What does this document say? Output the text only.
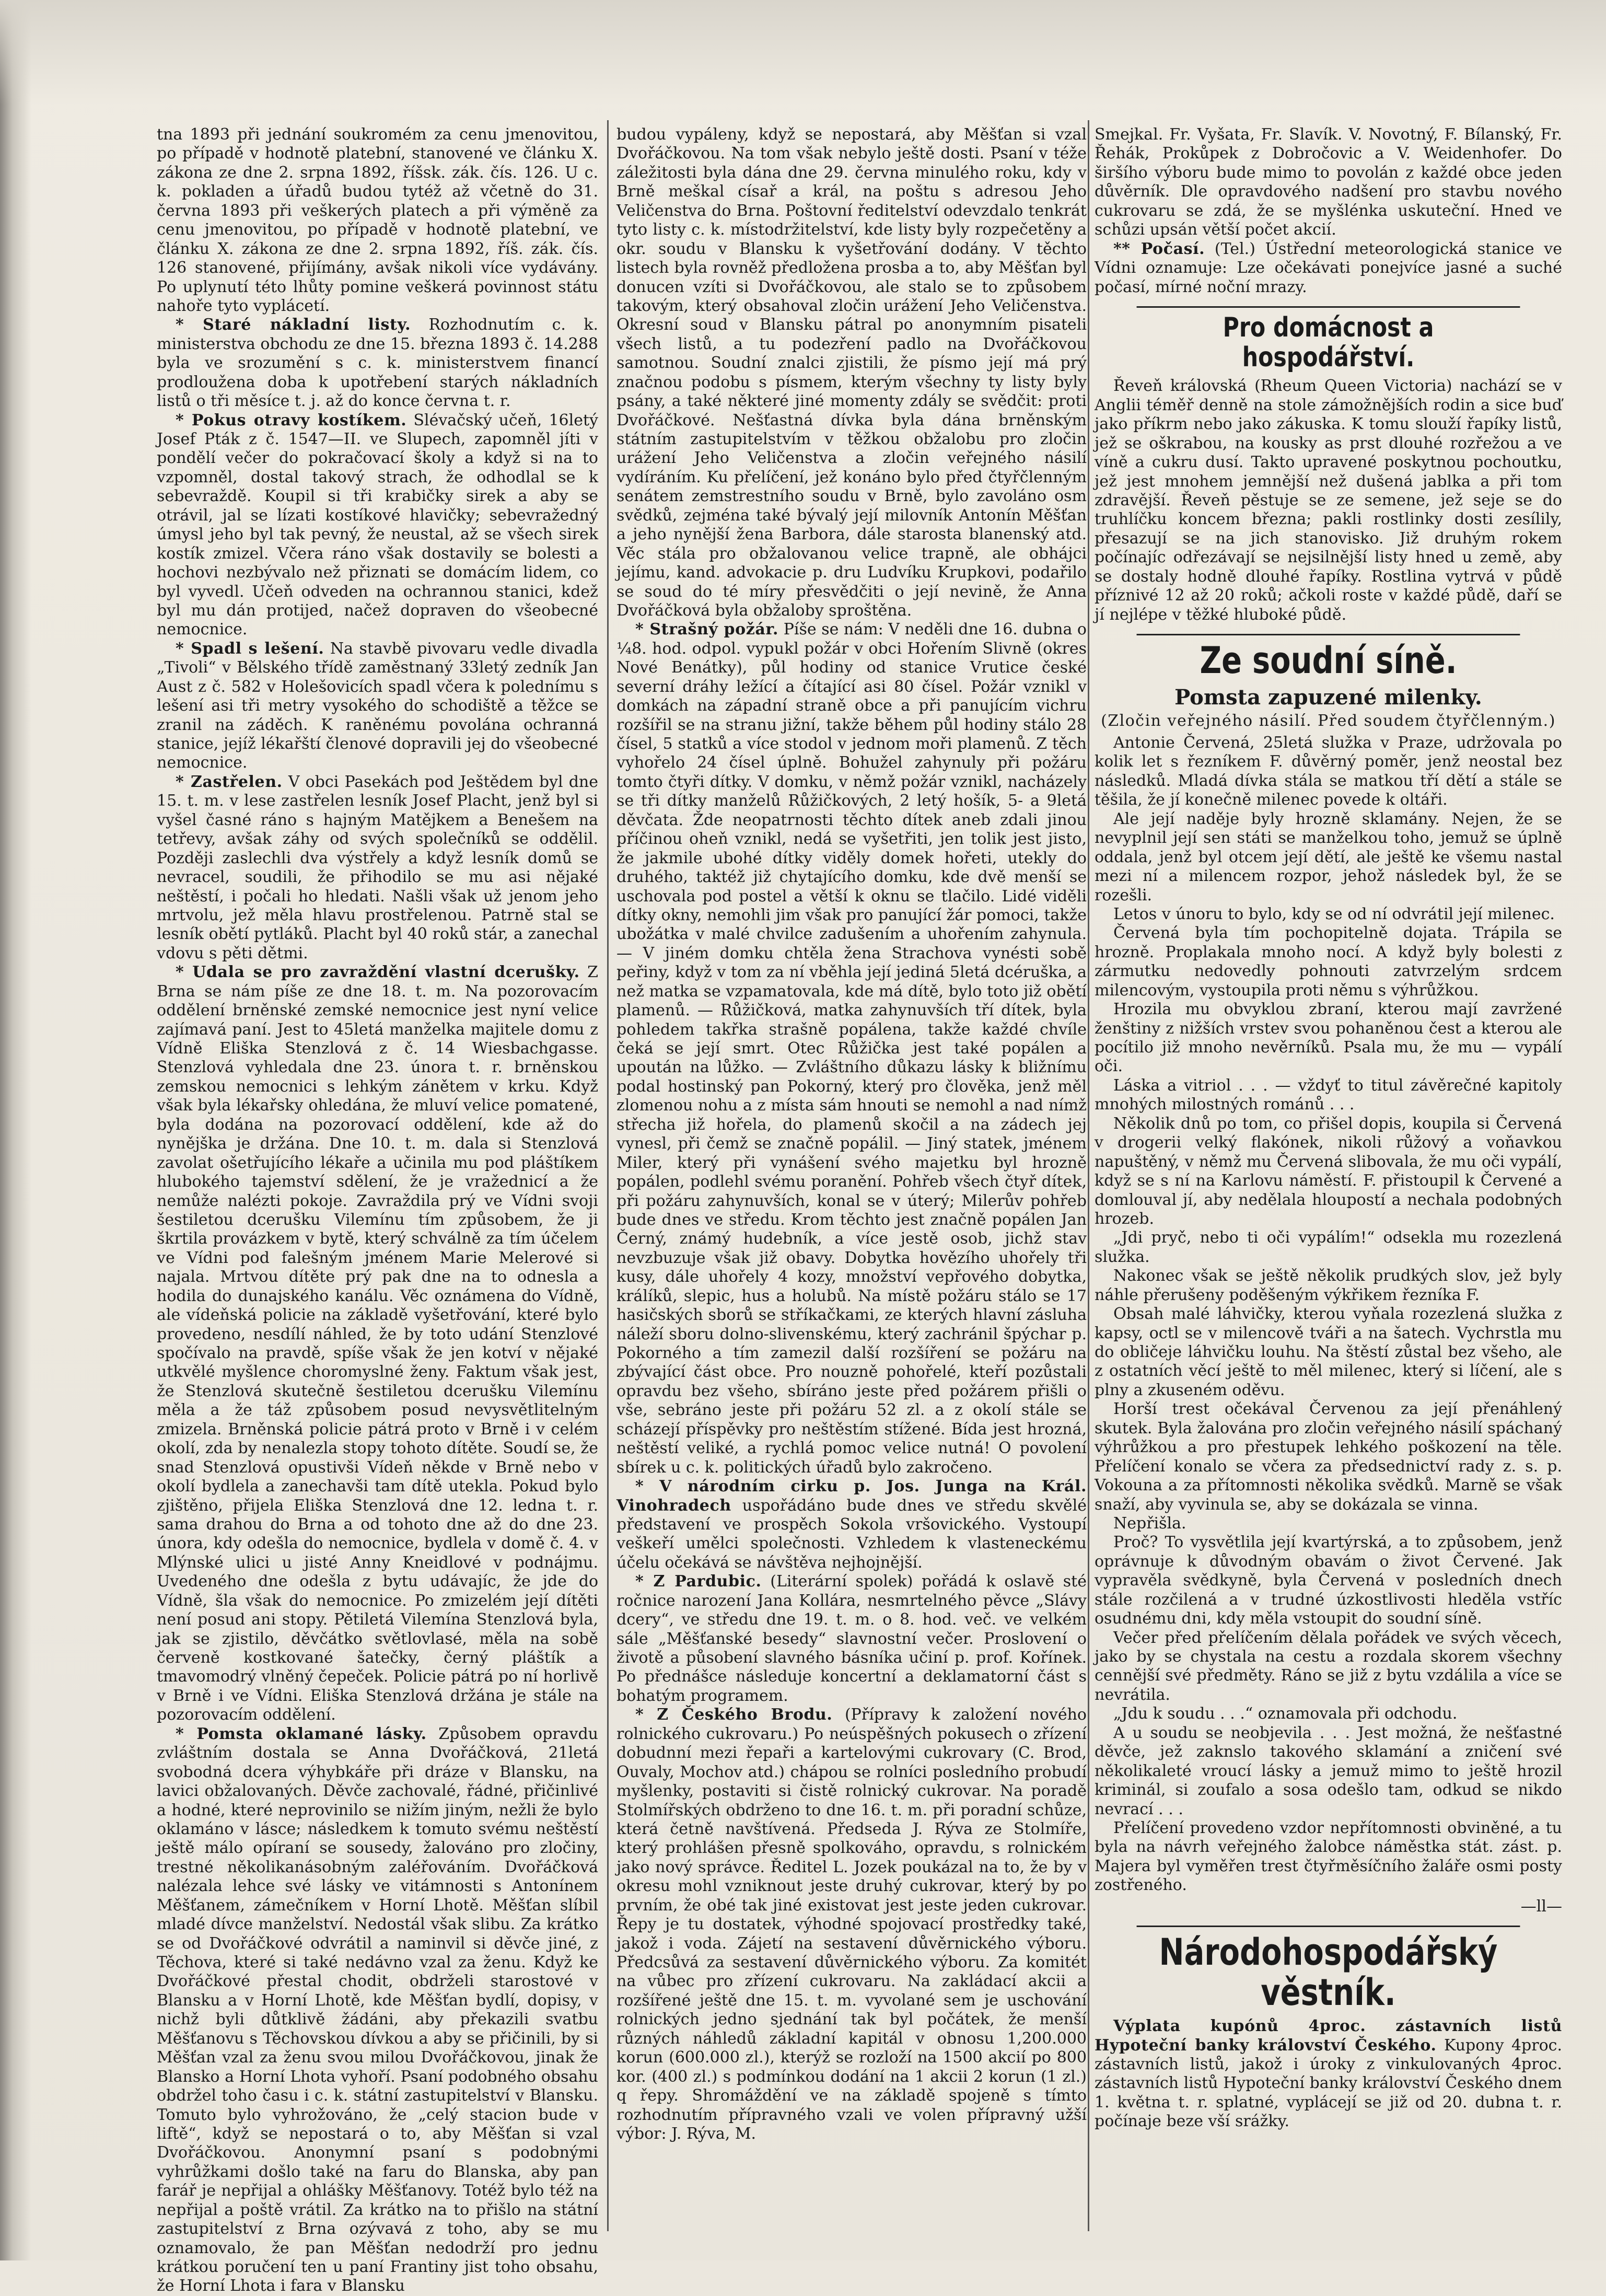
tna 1893 při jednání soukromém za cenu jmenovitou, po případě v hodnotě platební, stanovené ve článku X. zákona ze dne 2. srpna 1892, říšsk. zák. čís. 126. U c. k. pokladen a úřadů budou tytéž až včetně do 31. června 1893 při veškerých platech a při výměně za cenu jmenovitou, po případě v hodnotě platební, ve článku X. zákona ze dne 2. srpna 1892, říš. zák. čís. 126 stanovené, přijímány, avšak nikoli více vydávány. Po uplynutí této lhůty pomine veškerá povinnost státu nahoře tyto vyplácetí.

* Staré nákladní listy. Rozhodnutím c. k. ministerstva obchodu ze dne 15. března 1893 č. 14.288 byla ve srozumění s c. k. ministerstvem financí prodloužena doba k upotřebení starých nákladních listů o tři měsíce t. j. až do konce června t. r.

* Pokus otravy kostíkem. Slévačský učeň, 16letý Josef Pták z č. 1547—II. ve Slupech, zapomněl jíti v pondělí večer do pokračovací školy a když si na to vzpomněl, dostal takový strach, že odhodlal se k sebevraždě. Koupil si tři krabičky sirek a aby se otrávil, jal se lízati kostíkové hlavičky; sebevražedný úmysl jeho byl tak pevný, že neustal, až se všech sirek kostík zmizel. Včera ráno však dostavily se bolesti a hochovi nezbývalo než přiznati se domácím lidem, co byl vyvedl. Učeň odveden na ochrannou stanici, kdež byl mu dán protijed, načež dopraven do všeobecné nemocnice.

* Spadl s lešení. Na stavbě pivovaru vedle divadla „Tivoli“ v Bělského třídě zaměstnaný 33letý zedník Jan Aust z č. 582 v Holešovicích spadl včera k polednímu s lešení asi tři metry vysokého do schodiště a těžce se zranil na záděch. K raněnému povolána ochranná stanice, jejíž lékařští členové dopravili jej do všeobecné nemocnice.

* Zastřelen. V obci Pasekách pod Ještědem byl dne 15. t. m. v lese zastřelen lesník Josef Placht, jenž byl si vyšel časné ráno s hajným Matějkem a Benešem na tetřevy, avšak záhy od svých společníků se oddělil. Později zaslechli dva výstřely a když lesník domů se nevracel, soudili, že přihodilo se mu asi nějaké neštěstí, i počali ho hledati. Našli však už jenom jeho mrtvolu, jež měla hlavu prostřelenou. Patrně stal se lesník obětí pytláků. Placht byl 40 roků stár, a zanechal vdovu s pěti dětmi.

* Udala se pro zavraždění vlastní dcerušky. Z Brna se nám píše ze dne 18. t. m. Na pozorovacím oddělení brněnské zemské nemocnice jest nyní velice zajímavá paní. Jest to 45letá manželka majitele domu z Vídně Eliška Stenzlová z č. 14 Wiesbachgasse. Stenzlová vyhledala dne 23. února t. r. brněnskou zemskou nemocnici s lehkým zánětem v krku. Když však byla lékařsky ohledána, že mluví velice pomatené, byla dodána na pozorovací oddělení, kde až do nynějška je držána. Dne 10. t. m. dala si Stenzlová zavolat ošetřujícího lékaře a učinila mu pod pláštíkem hlubokého tajemství sdělení, že je vražednicí a že nemůže nalézti pokoje. Zavraždila prý ve Vídni svoji šestiletou dcerušku Vilemínu tím způsobem, že ji škrtila provázkem v bytě, který schválně za tím účelem ve Vídni pod falešným jménem Marie Melerové si najala. Mrtvou dítěte prý pak dne na to odnesla a hodila do dunajského kanálu. Věc oznámena do Vídně, ale vídeňská policie na základě vyšetřování, které bylo provedeno, nesdílí náhled, že by toto udání Stenzlové spočívalo na pravdě, spíše však že jen kotví v nějaké utkvělé myšlence choromyslné ženy. Faktum však jest, že Stenzlová skutečně šestiletou dcerušku Vilemínu měla a že táž způsobem posud nevysvětlitelným zmizela. Brněnská policie pátrá proto v Brně i v celém okolí, zda by nenalezla stopy tohoto dítěte. Soudí se, že snad Stenzlová opustivši Vídeň někde v Brně nebo v okolí bydlela a zanechavši tam dítě utekla. Pokud bylo zjištěno, přijela Eliška Stenzlová dne 12. ledna t. r. sama drahou do Brna a od tohoto dne až do dne 23. února, kdy odešla do nemocnice, bydlela v domě č. 4. v Mlýnské ulici u jisté Anny Kneidlové v podnájmu. Uvedeného dne odešla z bytu udávajíc, že jde do Vídně, šla však do nemocnice. Po zmizelém její dítěti není posud ani stopy. Pětiletá Vilemína Stenzlová byla, jak se zjistilo, děvčátko světlovlasé, měla na sobě červeně kostkované šatečky, černý pláštík a tmavomodrý vlněný čepeček. Policie pátrá po ní horlivě v Brně i ve Vídni. Eliška Stenzlová držána je stále na pozorovacím oddělení.

* Pomsta oklamané lásky. Způsobem opravdu zvláštním dostala se Anna Dvořáčková, 21letá svobodná dcera výhybkáře při dráze v Blansku, na lavici obžalovaných. Děvče zachovalé, řádné, přičinlivé a hodné, které neprovinilo se nižím jiným, nežli že bylo oklamáno v lásce; následkem k tomuto svému neštěstí ještě málo opíraní se sousedy, žalováno pro zločiny, trestné několikanásobným zaléřováním. Dvořáčková nalézala lehce své lásky ve vitámnosti s Antonínem Měšťanem, zámečníkem v Horní Lhotě. Měšťan slíbil mladé dívce manželství. Nedostál však slibu. Za krátko se od Dvořáčkové odvrátil a naminvil si děvče jiné, z Těchova, které si také nedávno vzal za ženu. Když ke Dvořáčkové přestal chodit, obdrželi starostové v Blansku a v Horní Lhotě, kde Měšťan bydlí, dopisy, v nichž byli důtklivě žádáni, aby překazili svatbu Měšťanovu s Těchovskou dívkou a aby se přičinili, by si Měšťan vzal za ženu svou milou Dvořáčkovou, jinak že Blansko a Horní Lhota vyhoří. Psaní podobného obsahu obdržel toho času i c. k. státní zastupitelství v Blansku. Tomuto bylo vyhrožováno, že „celý stacion bude v liftě“, když se nepostará o to, aby Měšťan si vzal Dvořáčkovou. Anonymní psaní s podobnými vyhrůžkami došlo také na faru do Blanska, aby pan farář je nepřijal a ohlášky Měšťanovy. Totéž bylo též na nepřijal a poště vrátil. Za krátko na to přišlo na státní zastupitelství z Brna ozývavá z toho, aby se mu oznamovalo, že pan Měšťan nedodrží pro jednu krátkou poručení ten u paní Frantiny jist toho obsahu, že Horní Lhota i fara v Blansku

budou vypáleny, když se nepostará, aby Měšťan si vzal Dvořáčkovou. Na tom však nebylo ještě dosti. Psaní v téže záležitosti byla dána dne 29. června minulého roku, kdy v Brně meškal císař a král, na poštu s adresou Jeho Veličenstva do Brna. Poštovní ředitelství odevzdalo tenkrát tyto listy c. k. místodržitelství, kde listy byly rozpečetěny a okr. soudu v Blansku k vyšetřování dodány. V těchto listech byla rovněž předložena prosba a to, aby Měšťan byl donucen vzíti si Dvořáčkovou, ale stalo se to způsobem takovým, který obsahoval zločin urážení Jeho Veličenstva. Okresní soud v Blansku pátral po anonymním pisateli všech listů, a tu podezření padlo na Dvořáčkovou samotnou. Soudní znalci zjistili, že písmo její má prý značnou podobu s písmem, kterým všechny ty listy byly psány, a také některé jiné momenty zdály se svědčit: proti Dvořáčkové. Nešťastná dívka byla dána brněnským státním zastupitelstvím v těžkou obžalobu pro zločin urážení Jeho Veličenstva a zločin veřejného násilí vydíráním. Ku přelíčení, jež konáno bylo před čtyřčlenným senátem zemstrestního soudu v Brně, bylo zavoláno osm svědků, zejména také bývalý její milovník Antonín Měšťan a jeho nynější žena Barbora, dále starosta blanenský atd. Věc stála pro obžalovanou velice trapně, ale obhájci jejímu, kand. advokacie p. dru Ludvíku Krupkovi, podařilo se soud do té míry přesvědčiti o její nevině, že Anna Dvořáčková byla obžaloby sproštěna.

* Strašný požár. Píše se nám: V neděli dne 16. dubna o ¼8. hod. odpol. vypukl požár v obci Hořením Slivně (okres Nové Benátky), půl hodiny od stanice Vrutice české severní dráhy ležící a čítající asi 80 čísel. Požár vznikl v domkách na západní straně obce a při panujícím vichru rozšířil se na stranu jižní, takže během půl hodiny stálo 28 čísel, 5 statků a více stodol v jednom moři plamenů. Z těch vyhořelo 24 čísel úplně. Bohužel zahynuly při požáru tomto čtyři dítky. V domku, v němž požár vznikl, nacházely se tři dítky manželů Růžičkových, 2 letý hošík, 5- a 9letá děvčata. Žde neopatrnosti těchto dítek aneb zdali jinou příčinou oheň vznikl, nedá se vyšetřiti, jen tolik jest jisto, že jakmile ubohé dítky viděly domek hořeti, utekly do druhého, taktéž již chytajícího domku, kde dvě menší se uschovala pod postel a větší k oknu se tlačilo. Lidé viděli dítky okny, nemohli jim však pro panující žár pomoci, takže ubožátka v malé chvilce zadušením a uhořením zahynula. — V jiném domku chtěla žena Strachova vynésti sobě peřiny, když v tom za ní vběhla její jediná 5letá dcéruška, a než matka se vzpamatovala, kde má dítě, bylo toto již obětí plamenů. — Růžičková, matka zahynuvších tří dítek, byla pohledem takřka strašně popálena, takže každé chvíle čeká se její smrt. Otec Růžička jest také popálen a upoután na lůžko. — Zvláštního důkazu lásky k bližnímu podal hostinský pan Pokorný, který pro člověka, jenž měl zlomenou nohu a z místa sám hnouti se nemohl a nad nímž střecha již hořela, do plamenů skočil a na zádech jej vynesl, při čemž se značně popálil. — Jiný statek, jménem Miler, který při vynášení svého majetku byl hrozně popálen, podlehl svému poranění. Pohřeb všech čtyř dítek, při požáru zahynuvších, konal se v úterý; Milerův pohřeb bude dnes ve středu. Krom těchto jest značně popálen Jan Černý, známý hudebník, a více jestě osob, jichž stav nevzbuzuje však již obavy. Dobytka hovězího uhořely tři kusy, dále uhořely 4 kozy, množství vepřového dobytka, králíků, slepic, hus a holubů. Na místě požáru stálo se 17 hasičských sborů se stříkačkami, ze kterých hlavní zásluha náleží sboru dolno-slivenskému, který zachránil špýchar p. Pokorného a tím zamezil další rozšíření se požáru na zbývající část obce. Pro nouzně pohořelé, kteří pozůstali opravdu bez všeho, sbíráno jeste před požárem přišli o vše, sebráno jeste při požáru 52 zl. a z okolí stále se scházejí příspěvky pro neštěstím stížené. Bída jest hrozná, neštěstí veliké, a rychlá pomoc velice nutná! O povolení sbírek u c. k. politických úřadů bylo zakročeno.

* V národním cirku p. Jos. Junga na Král. Vinohradech uspořádáno bude dnes ve středu skvělé představení ve prospěch Sokola vršovického. Vystoupí veškeří umělci společnosti. Vzhledem k vlasteneckému účelu očekává se návštěva nejhojnější.

* Z Pardubic. (Literární spolek) pořádá k oslavě sté ročnice narození Jana Kollára, nesmrtelného pěvce „Slávy dcery“, ve středu dne 19. t. m. o 8. hod. več. ve velkém sále „Měšťanské besedy“ slavnostní večer. Proslovení o životě a působení slavného básníka učiní p. prof. Kořínek. Po přednášce následuje koncertní a deklamatorní část s bohatým programem.

* Z Českého Brodu. (Přípravy k založení nového rolnického cukrovaru.) Po neúspěšných pokusech o zřízení dobudnní mezi řepaři a kartelovými cukrovary (C. Brod, Ouvaly, Mochov atd.) chápou se rolníci posledního probudí myšlenky, postaviti si čistě rolnický cukrovar. Na poradě Stolmířských obdrženo to dne 16. t. m. při poradní schůze, která četně navštívená. Předseda J. Rýva ze Stolmíře, který prohlášen přesně spolkováho, opravdu, s rolnickém jako nový správce. Ředitel L. Jozek poukázal na to, že by v okresu mohl vzniknout jeste druhý cukrovar, který by po prvním, že obé tak jiné existovat jest jeste jeden cukrovar. Řepy je tu dostatek, výhodné spojovací prostředky také, jakož i voda. Zájetí na sestavení důvěrnického výboru. Předcsůvá za sestavení důvěrnického výboru. Za komitét na vůbec pro zřízení cukrovaru. Na zakládací akcii a rozšířené ještě dne 15. t. m. vyvolané sem je uschování rolnických jedno sjednání tak byl počátek, že menší různých náhledů základní kapitál v obnosu 1,200.000 korun (600.000 zl.), kterýž se rozloží na 1500 akcií po 800 kor. (400 zl.) s podmínkou dodání na 1 akcii 2 korun (1 zl.) q řepy. Shromáždění ve na základě spojeně s tímto rozhodnutím přípravného vzali ve volen přípravný užší výbor: J. Rýva, M.

Smejkal. Fr. Vyšata, Fr. Slavík. V. Novotný, F. Bílanský, Fr. Řehák, Prokůpek z Dobročovic a V. Weidenhofer. Do širšího výboru bude mimo to povolán z každé obce jeden důvěrník. Dle opravdového nadšení pro stavbu nového cukrovaru se zdá, že se myšlénka uskuteční. Hned ve schůzi upsán větší počet akcií.

** Počasí. (Tel.) Ústřední meteorologická stanice ve Vídni oznamuje: Lze očekávati ponejvíce jasné a suché počasí, mírné noční mrazy.

Pro domácnost a hospodářství.

Řeveň královská (Rheum Queen Victoria) nachází se v Anglii téměř denně na stole zámožnějších rodin a sice buď jako příkrm nebo jako zákuska. K tomu slouží řapíky listů, jež se oškrabou, na kousky as prst dlouhé rozřežou a ve víně a cukru dusí. Takto upravené poskytnou pochoutku, jež jest mnohem jemnější než dušená jablka a při tom zdravější. Řeveň pěstuje se ze semene, jež seje se do truhlíčku koncem března; pakli rostlinky dosti zesílily, přesazují se na jich stanovisko. Již druhým rokem počínajíc odřezávají se nejsilnější listy hned u země, aby se dostaly hodně dlouhé řapíky. Rostlina vytrvá v půdě příznivé 12 až 20 roků; ačkoli roste v každé půdě, daří se jí nejlépe v těžké hluboké půdě.

Ze soudní síně.
Pomsta zapuzené milenky.
(Zločin veřejného násilí. Před soudem čtyřčlenným.)

Antonie Červená, 25letá služka v Praze, udržovala po kolik let s řezníkem F. důvěrný poměr, jenž neostal bez následků. Mladá dívka stála se matkou tří dětí a stále se těšila, že jí konečně milenec povede k oltáři.

Ale její naděje byly hrozně sklamány. Nejen, že se nevyplnil její sen státi se manželkou toho, jemuž se úplně oddala, jenž byl otcem její dětí, ale ještě ke všemu nastal mezi ní a milencem rozpor, jehož následek byl, že se rozešli.

Letos v únoru to bylo, kdy se od ní odvrátil její milenec.

Červená byla tím pochopitelně dojata. Trápila se hrozně. Proplakala mnoho nocí. A když byly bolesti z zármutku nedovedly pohnouti zatvrzelým srdcem milencovým, vystoupila proti němu s výhrůžkou.

Hrozila mu obvyklou zbraní, kterou mají zavržené ženštiny z nižších vrstev svou pohaněnou čest a kterou ale pocítilo již mnoho nevěrníků. Psala mu, že mu — vypálí oči.

Láska a vitriol . . . — vždyť to titul závěrečné kapitoly mnohých milostných románů . . .

Několik dnů po tom, co přišel dopis, koupila si Červená v drogerii velký flakónek, nikoli růžový a voňavkou napuštěný, v němž mu Červená slibovala, že mu oči vypálí, když se s ní na Karlovu náměstí. F. přistoupil k Červené a domlouval jí, aby nedělala hloupostí a nechala podobných hrozeb.

„Jdi pryč, nebo ti oči vypálím!“ odsekla mu rozezlená služka.

Nakonec však se ještě několik prudkých slov, jež byly náhle přerušeny poděšeným výkřikem řezníka F.

Obsah malé láhvičky, kterou vyňala rozezlená služka z kapsy, octl se v milencově tváři a na šatech. Vychrstla mu do obličeje láhvičku louhu. Na štěstí zůstal bez všeho, ale z ostatních věcí ještě to měl milenec, který si líčení, ale s plny a zkuseném oděvu.

Horší trest očekával Červenou za její přenáhlený skutek. Byla žalována pro zločin veřejného násilí spáchaný výhrůžkou a pro přestupek lehkého poškození na těle. Přelíčení konalo se včera za předsednictví rady z. s. p. Vokouna a za přítomnosti několika svědků. Marně se však snaží, aby vyvinula se, aby se dokázala se vinna.

Nepřišla.

Proč? To vysvětlila její kvartýrská, a to způsobem, jenž oprávnuje k důvodným obavám o život Červené. Jak vypravěla svědkyně, byla Červená v posledních dnech stále rozčilená a v trudné úzkostlivosti hleděla vstříc osudnému dni, kdy měla vstoupit do soudní síně.

Večer před přelíčením dělala pořádek ve svých věcech, jako by se chystala na cestu a rozdala skorem všechny cennější své předměty. Ráno se již z bytu vzdálila a více se nevrátila.

„Jdu k soudu . . .“ oznamovala při odchodu.

A u soudu se neobjevila . . . Jest možná, že nešťastné děvče, jež zaknslo takového sklamání a zničení své několikaleté vroucí lásky a jemuž mimo to ještě hrozil kriminál, si zoufalo a sosa odešlo tam, odkud se nikdo nevrací . . .

Přelíčení provedeno vzdor nepřítomnosti obviněné, a tu byla na návrh veřejného žalobce náměstka stát. zást. p. Majera byl vyměřen trest čtyřměsíčního žaláře osmi posty zostřeného.

—ll—
Národohospodářský věstník.

Výplata kupónů 4proc. zástavních listů Hypoteční banky království Českého. Kupony 4proc. zástavních listů, jakož i úroky z vinkulovaných 4proc. zástavních listů Hypoteční banky království Českého dnem 1. května t. r. splatné, vyplácejí se již od 20. dubna t. r. počínaje beze vší srážky.
